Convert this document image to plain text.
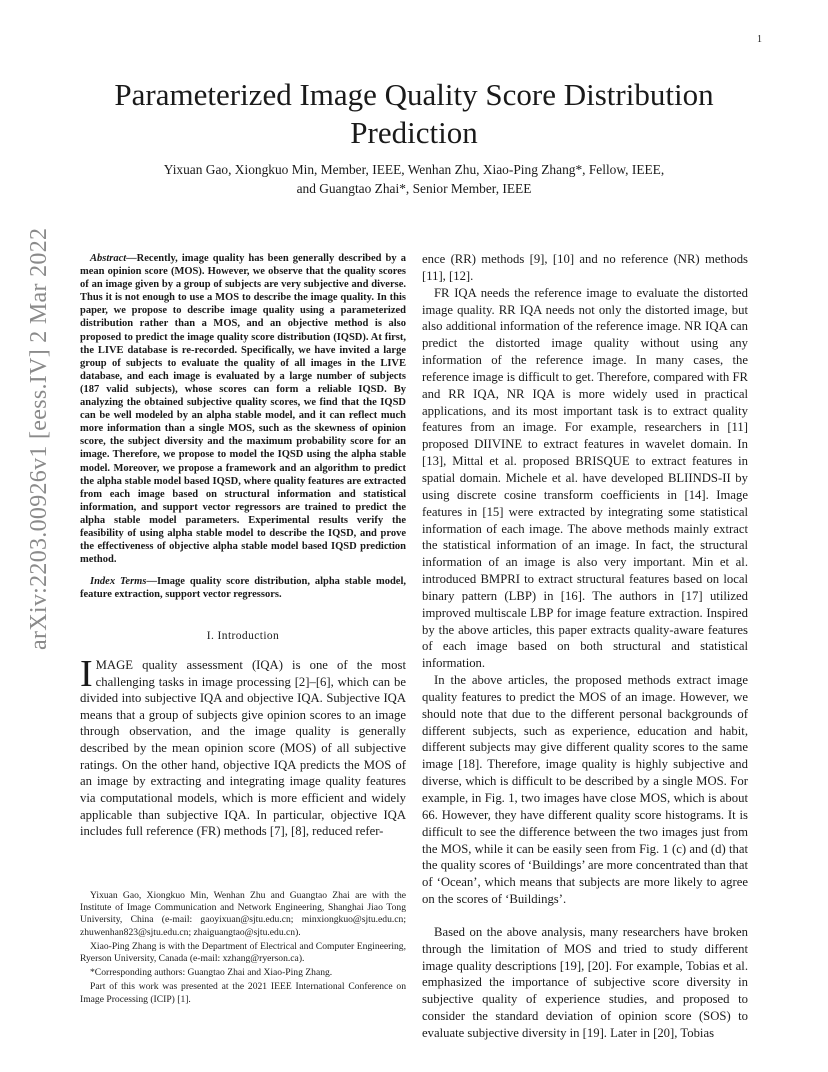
1
arXiv:2203.00926v1 [eess.IV] 2 Mar 2022
Parameterized Image Quality Score Distribution Prediction
Yixuan Gao, Xiongkuo Min, Member, IEEE, Wenhan Zhu, Xiao-Ping Zhang*, Fellow, IEEE,
and Guangtao Zhai*, Senior Member, IEEE

Abstract—Recently, image quality has been generally described by a mean opinion score (MOS). However, we observe that the quality scores of an image given by a group of subjects are very subjective and diverse. Thus it is not enough to use a MOS to describe the image quality. In this paper, we propose to describe image quality using a parameterized distribution rather than a MOS, and an objective method is also proposed to predict the image quality score distribution (IQSD). At first, the LIVE database is re-recorded. Specifically, we have invited a large group of subjects to evaluate the quality of all images in the LIVE database, and each image is evaluated by a large number of subjects (187 valid subjects), whose scores can form a reliable IQSD. By analyzing the obtained subjective quality scores, we find that the IQSD can be well modeled by an alpha stable model, and it can reflect much more information than a single MOS, such as the skewness of opinion score, the subject diversity and the maximum probability score for an image. Therefore, we propose to model the IQSD using the alpha stable model. Moreover, we propose a framework and an algorithm to predict the alpha stable model based IQSD, where quality features are extracted from each image based on structural information and statistical information, and support vector regressors are trained to predict the alpha stable model parameters. Experimental results verify the feasibility of using alpha stable model to describe the IQSD, and prove the effectiveness of objective alpha stable model based IQSD prediction method.

Index Terms—Image quality score distribution, alpha stable model, feature extraction, support vector regressors.

I. Introduction

IMAGE quality assessment (IQA) is one of the most challenging tasks in image processing [2]–[6], which can be divided into subjective IQA and objective IQA. Subjective IQA means that a group of subjects give opinion scores to an image through observation, and the image quality is generally described by the mean opinion score (MOS) of all subjective ratings. On the other hand, objective IQA predicts the MOS of an image by extracting and integrating image quality features via computational models, which is more efficient and widely applicable than subjective IQA. In particular, objective IQA includes full reference (FR) methods [7], [8], reduced refer-

Yixuan Gao, Xiongkuo Min, Wenhan Zhu and Guangtao Zhai are with the Institute of Image Communication and Network Engineering, Shanghai Jiao Tong University, China (e-mail: gaoyixuan@sjtu.edu.cn; minxiongkuo@sjtu.edu.cn; zhuwenhan823@sjtu.edu.cn; zhaiguangtao@sjtu.edu.cn).

Xiao-Ping Zhang is with the Department of Electrical and Computer Engineering, Ryerson University, Canada (e-mail: xzhang@ryerson.ca).

*Corresponding authors: Guangtao Zhai and Xiao-Ping Zhang.

Part of this work was presented at the 2021 IEEE International Conference on Image Processing (ICIP) [1].

ence (RR) methods [9], [10] and no reference (NR) methods [11], [12].

FR IQA needs the reference image to evaluate the distorted image quality. RR IQA needs not only the distorted image, but also additional information of the reference image. NR IQA can predict the distorted image quality without using any information of the reference image. In many cases, the reference image is difficult to get. Therefore, compared with FR and RR IQA, NR IQA is more widely used in practical applications, and its most important task is to extract quality features from an image. For example, researchers in [11] proposed DIIVINE to extract features in wavelet domain. In [13], Mittal et al. proposed BRISQUE to extract features in spatial domain. Michele et al. have developed BLIINDS-II by using discrete cosine transform coefficients in [14]. Image features in [15] were extracted by integrating some statistical information of each image. The above methods mainly extract the statistical information of an image. In fact, the structural information of an image is also very important. Min et al. introduced BMPRI to extract structural features based on local binary pattern (LBP) in [16]. The authors in [17] utilized improved multiscale LBP for image feature extraction. Inspired by the above articles, this paper extracts quality-aware features of each image based on both structural and statistical information.

In the above articles, the proposed methods extract image quality features to predict the MOS of an image. However, we should note that due to the different personal backgrounds of different subjects, such as experience, education and habit, different subjects may give different quality scores to the same image [18]. Therefore, image quality is highly subjective and diverse, which is difficult to be described by a single MOS. For example, in Fig. 1, two images have close MOS, which is about 66. However, they have different quality score histograms. It is difficult to see the difference between the two images just from the MOS, while it can be easily seen from Fig. 1 (c) and (d) that the quality scores of ‘Buildings’ are more concentrated than that of ‘Ocean’, which means that subjects are more likely to agree on the scores of ‘Buildings’.

Based on the above analysis, many researchers have broken through the limitation of MOS and tried to study different image quality descriptions [19], [20]. For example, Tobias et al. emphasized the importance of subjective score diversity in subjective quality of experience studies, and proposed to consider the standard deviation of opinion score (SOS) to evaluate subjective diversity in [19]. Later in [20], Tobias
